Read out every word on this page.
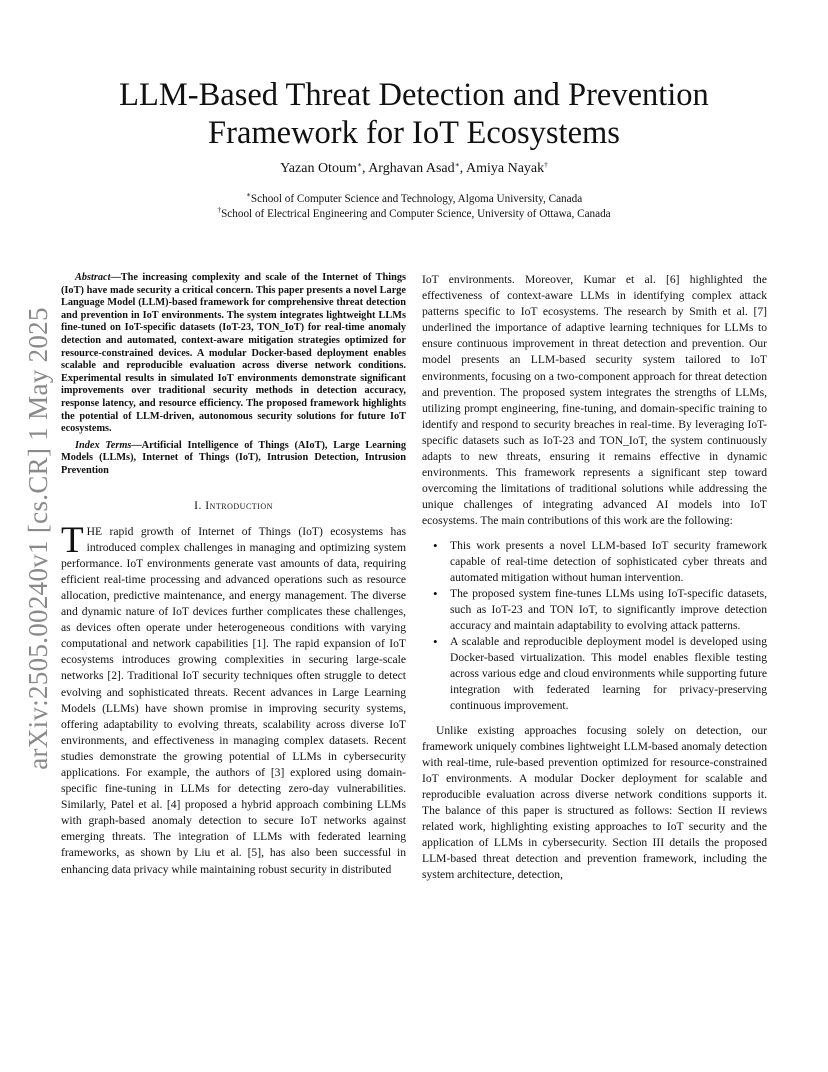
arXiv:2505.00240v1 [cs.CR] 1 May 2025
LLM-Based Threat Detection and Prevention Framework for IoT Ecosystems
Yazan Otoum∗, Arghavan Asad∗, Amiya Nayak†
∗School of Computer Science and Technology, Algoma University, Canada
†School of Electrical Engineering and Computer Science, University of Ottawa, Canada

Abstract—The increasing complexity and scale of the Internet of Things (IoT) have made security a critical concern. This paper presents a novel Large Language Model (LLM)-based framework for comprehensive threat detection and prevention in IoT environments. The system integrates lightweight LLMs fine-tuned on IoT-specific datasets (IoT-23, TON_IoT) for real-time anomaly detection and automated, context-aware mitigation strategies optimized for resource-constrained devices. A modular Docker-based deployment enables scalable and reproducible evaluation across diverse network conditions. Experimental results in simulated IoT environments demonstrate significant improvements over traditional security methods in detection accuracy, response latency, and resource efficiency. The proposed framework highlights the potential of LLM-driven, autonomous security solutions for future IoT ecosystems.

Index Terms—Artificial Intelligence of Things (AIoT), Large Learning Models (LLMs), Internet of Things (IoT), Intrusion Detection, Intrusion Prevention

I. Introduction

THE rapid growth of Internet of Things (IoT) ecosystems has introduced complex challenges in managing and optimizing system performance. IoT environments generate vast amounts of data, requiring efficient real-time processing and advanced operations such as resource allocation, predictive maintenance, and energy management. The diverse and dynamic nature of IoT devices further complicates these challenges, as devices often operate under heterogeneous conditions with varying computational and network capabilities [1]. The rapid expansion of IoT ecosystems introduces growing complexities in securing large-scale networks [2]. Traditional IoT security techniques often struggle to detect evolving and sophisticated threats. Recent advances in Large Learning Models (LLMs) have shown promise in improving security systems, offering adaptability to evolving threats, scalability across diverse IoT environments, and effectiveness in managing complex datasets. Recent studies demonstrate the growing potential of LLMs in cybersecurity applications. For example, the authors of [3] explored using domain-specific fine-tuning in LLMs for detecting zero-day vulnerabilities. Similarly, Patel et al. [4] proposed a hybrid approach combining LLMs with graph-based anomaly detection to secure IoT networks against emerging threats. The integration of LLMs with federated learning frameworks, as shown by Liu et al. [5], has also been successful in enhancing data privacy while maintaining robust security in distributed

IoT environments. Moreover, Kumar et al. [6] highlighted the effectiveness of context-aware LLMs in identifying complex attack patterns specific to IoT ecosystems. The research by Smith et al. [7] underlined the importance of adaptive learning techniques for LLMs to ensure continuous improvement in threat detection and prevention. Our model presents an LLM-based security system tailored to IoT environments, focusing on a two-component approach for threat detection and prevention. The proposed system integrates the strengths of LLMs, utilizing prompt engineering, fine-tuning, and domain-specific training to identify and respond to security breaches in real-time. By leveraging IoT-specific datasets such as IoT-23 and TON_IoT, the system continuously adapts to new threats, ensuring it remains effective in dynamic environments. This framework represents a significant step toward overcoming the limitations of traditional solutions while addressing the unique challenges of integrating advanced AI models into IoT ecosystems. The main contributions of this work are the following:

• This work presents a novel LLM-based IoT security framework capable of real-time detection of sophisticated cyber threats and automated mitigation without human intervention.
• The proposed system fine-tunes LLMs using IoT-specific datasets, such as IoT-23 and TON IoT, to significantly improve detection accuracy and maintain adaptability to evolving attack patterns.
• A scalable and reproducible deployment model is developed using Docker-based virtualization. This model enables flexible testing across various edge and cloud environments while supporting future integration with federated learning for privacy-preserving continuous improvement.

Unlike existing approaches focusing solely on detection, our framework uniquely combines lightweight LLM-based anomaly detection with real-time, rule-based prevention optimized for resource-constrained IoT environments. A modular Docker deployment for scalable and reproducible evaluation across diverse network conditions supports it. The balance of this paper is structured as follows: Section II reviews related work, highlighting existing approaches to IoT security and the application of LLMs in cybersecurity. Section III details the proposed LLM-based threat detection and prevention framework, including the system architecture, detection,
